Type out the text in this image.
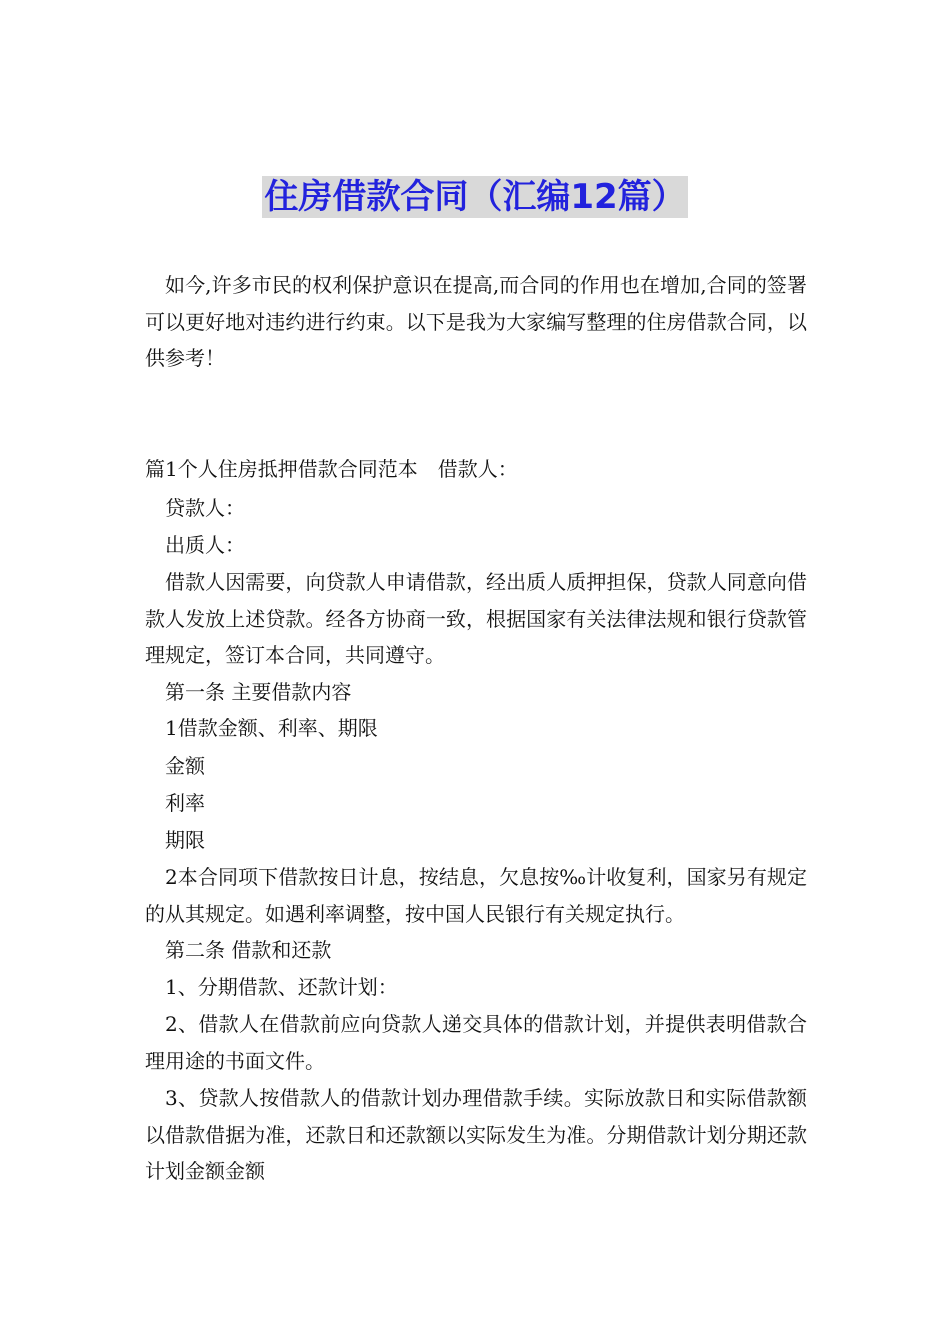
住房借款合同（汇编12篇）

如今,许多市民的权利保护意识在提高,而合同的作用也在增加,合同的签署可以更好地对违约进行约束。以下是我为大家编写整理的住房借款合同，以供参考！

篇1个人住房抵押借款合同范本　借款人：

贷款人：

出质人：

借款人因需要，向贷款人申请借款，经出质人质押担保，贷款人同意向借款人发放上述贷款。经各方协商一致，根据国家有关法律法规和银行贷款管理规定，签订本合同，共同遵守。

第一条 主要借款内容

1借款金额、利率、期限

金额

利率

期限

2本合同项下借款按日计息，按结息，欠息按‰计收复利，国家另有规定的从其规定。如遇利率调整，按中国人民银行有关规定执行。

第二条 借款和还款

1、分期借款、还款计划：

2、借款人在借款前应向贷款人递交具体的借款计划，并提供表明借款合理用途的书面文件。

3、贷款人按借款人的借款计划办理借款手续。实际放款日和实际借款额以借款借据为准，还款日和还款额以实际发生为准。分期借款计划分期还款计划金额金额
